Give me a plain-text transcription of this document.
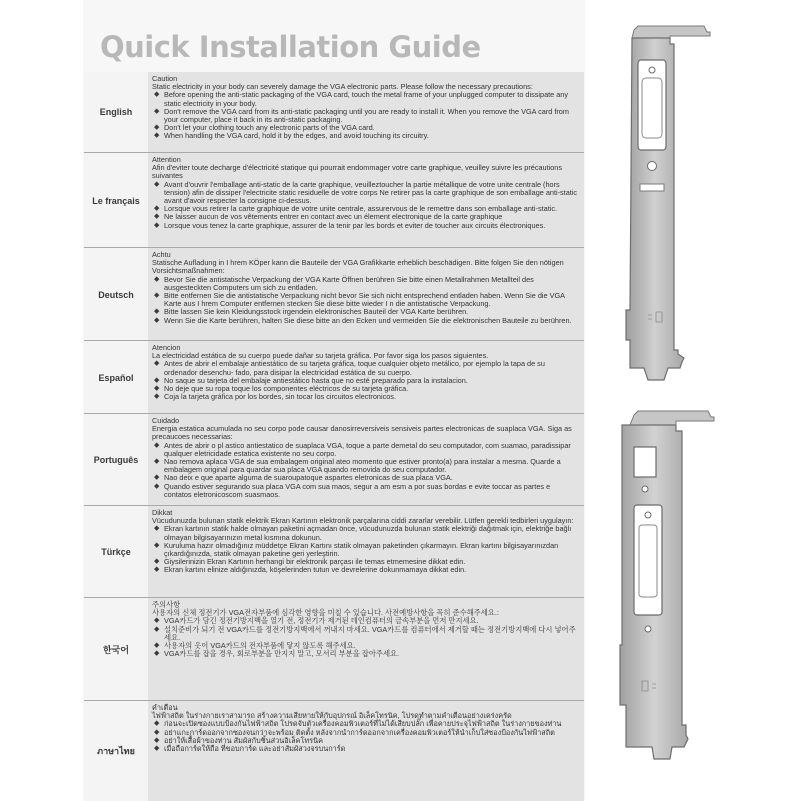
Quick Installation Guide
English
Caution
Static electricity in your body can severely damage the VGA electronic parts. Please follow the necessary precautions:
◆ Before opening the anti-static packaging of the VGA card, touch the metal frame of your unplugged computer to dissipate any static electricity in your body.
◆ Don't remove the VGA card from its anti-static packaging until you are ready to install it. When you remove the VGA card from your computer, place it back in its anti-static packaging.
◆ Don't let your clothing touch any electronic parts of the VGA card.
◆ When handling the VGA card, hold it by the edges, and avoid touching its circuitry.
Le français
Attention
Afin d'eviter toute decharge d'électricité statique qui pourrait endommager votre carte graphique, veuilley suivre les précautions suivantes
◆ Avant d'ouvrir l'emballage anti-static de la carte graphique, veuilleztoucher la partie métallique de votre unite centrale (hors tension) afin de dissiper l'electricite static residuelle de votre corps Ne retirer pas la carte graphique de son emballage anti-static avant d'avoir respecter la consigne ci-dessus.
◆ Lorsque vous retirer la carte graphique de votre unite centrale, assurervous de le remettre dans son emballage anti-static.
◆ Ne laisser aucun de vos vêtements entrer en contact avec un élement electronique de la carte graphique
◆ Lorsque vous tenez la carte graphique, assurer de la tenir par les bords et eviter de toucher aux circuits électroniques.
Deutsch
Achtu
Statische Aufladung in I hrem KÖper kann die Bauteile der VGA Grafikkarte erheblich beschädigen. Bitte folgen Sie den nötigen Vorsichtsmaßnahmen:
◆ Bevor Sie die antistatische Verpackung der VGA Karte Öffnen berühren Sie bitte einen Metallrahmen Metallteil des ausgesteckten Computers um sich zu entladen.
◆ Bitte entfernen Sie die antistatische Verpackung nicht bevor Sie sich nicht entsprechend entladen haben. Wenn Sie die VGA Karte aus I hrem Computer entfernen stecken Sie diese bitte wieder I n die antistatische Verpackung.
◆ Bitte lassen Sie kein Kleidungsstock irgendein elektronisches Bauteil der VGA Karte berühren.
◆ Wenn Sie die Karte berühren, halten Sie diese bitte an den Ecken und vermeiden Sie die elektronischen Bauteile zu berühren.
Español
Atencion
La electricidad estática de su cuerpo puede dañar su tarjeta gráfica. Por favor siga los pasos siguientes.
◆ Antes de abrir el embalaje antiestático de su tarjeta gráfica, toque cualquier objeto metálico, por ejemplo la tapa de su ordenador desenchu- fado, para disipar la electricidad estática de su cuerpo.
◆ No saque su tarjeta del embalaje antiestático hasta que no esté preparado para la instalacion.
◆ No deje que su ropa toque los componentes eléctricos de su tarjeta gráfica.
◆ Coja la tarjeta gráfica por los bordes, sin tocar los circuitos electronicos.
Português
Cuidado
Energia estatica acumulada no seu corpo pode causar danosirreversiveis sensiveis partes electronicas de suaplaca VGA. Siga as precaucoes necessarias:
◆ Antes de abrir o pl astico antiestatico de suaplaca VGA, toque a parte demetal do seu computador, com suamao, paradissipar qualquer eletricidade estatica existente no seu corpo.
◆ Nao remova aplaca VGA de sua embalagem original ateo momento que estiver pronto(a) para instalar a mesma. Quarde a embalagem original para quardar sua placa VGA quando removida do seu computador.
◆ Nao deix e que aparte alguma de suaroupatoque aspartes eletronicas de sua placa VGA.
◆ Quando estiver segurando sua placa VGA com sua maos, segur a am esm a por suas bordas e evite toccar as partes e contatos eletronicoscom suasmaos.
Türkçe
Dikkat
Vücudunuzda bulunan statik elektrik Ekran Kartının elektronik parçalarına ciddi zararlar verebilir. Lütfen gerekli tedbirleri uygulayın:
◆ Ekran kartının statik halde olmayan paketini açmadan önce, vücudunuzda bulunan statik elektriği dağıtmak için, elektriğe bağlı olmayan bilgisayarınızın metal kısmına dokunun.
◆ Kuruluma hazır olmadığınız müddetçe Ekran Kartını statik olmayan paketinden çıkarmayın. Ekran kartını bilgisayarınızdan çıkardığınızda, statik olmayan paketine geri yerleştirin.
◆ Giysilerinizin Ekran Kartının herhangi bir elektronik parçası ile temas etmemesine dikkat edin.
◆ Ekran kartını elinize aldığınızda, köşelerinden tutun ve devrelerine dokunmamaya dikkat edin.
한국어
주의사항
사용자의 신체 정전기가 VGA전자부품에 심각한 영향을 미칠 수 있습니다. 사전예방사항을 꼭히 준수해주세요.:
◆ VGA카드가 담긴 정전기방지백을 열기 전, 정전기가 제거된 데인컴퓨터의 금속부분을 먼저 만지세요.
◆ 설치준비가 되기 전 VGA카드를 정전기방지백에서 꺼내지 마세요. VGA카드를 컴퓨터에서 제거할 때는 정전기방지백에 다시 넣어주세요.
◆ 사용자의 옷이 VGA카드의 전자부품에 닿지 않도록 해주세요.
◆ VGA카드를 잡을 경우, 회로부분을 만지지 말고, 모서리 부분을 잡아주세요.
ภาษาไทย
คำเตือน
ไฟฟ้าสถิต ในร่างกายเราสามารถ สร้างความเสียหายให้กับอุปกรณ์ อิเล็คโทรนิค, โปรดทำตามคำเตือนอย่างเคร่งครัด
◆ ก่อนจะเปิดซองแบบป้องกันไฟฟ้าสถิต โปรดจับตัวเครื่องคอมพิวเตอร์ที่ไม่ได้เสียบปลั๊ก เพื่อคายประจุไฟฟ้าสถิต ในร่างกายของท่าน
◆ อย่าแกะการ์ดออกจากซองจนกว่าจะพร้อม ติดตั้ง หลังจากนำการ์ดออกจากเครื่องคอมพิวเตอร์ให้นำเก็บใส่ซองป้องกันไฟฟ้าสถิต
◆ อย่าให้เสื้อผ้าของท่าน สัมผัสกับชิ้นส่วนอิเล็คโทรนิค
◆ เมื่อถือการ์ดให้ถือ ที่ขอบการ์ด และอย่าสัมผัสวงจรบนการ์ด
